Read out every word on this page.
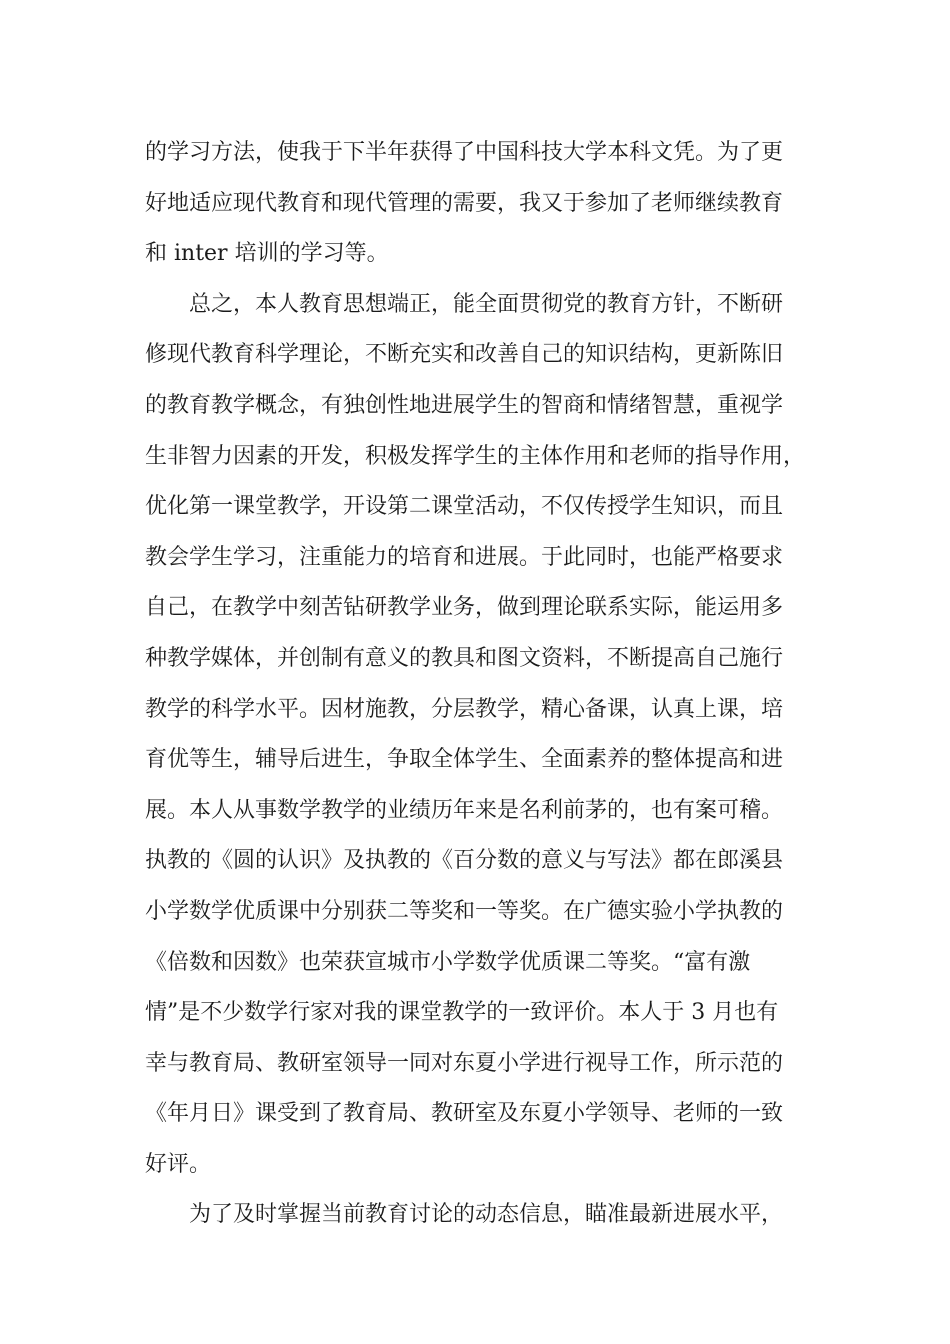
的学习方法，使我于下半年获得了中国科技大学本科文凭。为了更
好地适应现代教育和现代管理的需要，我又于参加了老师继续教育
和 inter 培训的学习等。
总之，本人教育思想端正，能全面贯彻党的教育方针，不断研
修现代教育科学理论，不断充实和改善自己的知识结构，更新陈旧
的教育教学概念，有独创性地进展学生的智商和情绪智慧，重视学
生非智力因素的开发，积极发挥学生的主体作用和老师的指导作用，
优化第一课堂教学，开设第二课堂活动，不仅传授学生知识，而且
教会学生学习，注重能力的培育和进展。于此同时，也能严格要求
自己，在教学中刻苦钻研教学业务，做到理论联系实际，能运用多
种教学媒体，并创制有意义的教具和图文资料，不断提高自己施行
教学的科学水平。因材施教，分层教学，精心备课，认真上课，培
育优等生，辅导后进生，争取全体学生、全面素养的整体提高和进
展。本人从事数学教学的业绩历年来是名利前茅的，也有案可稽。
执教的《圆的认识》及执教的《百分数的意义与写法》都在郎溪县
小学数学优质课中分别获二等奖和一等奖。在广德实验小学执教的
《倍数和因数》也荣获宣城市小学数学优质课二等奖。“富有激
情”是不少数学行家对我的课堂教学的一致评价。本人于 3 月也有
幸与教育局、教研室领导一同对东夏小学进行视导工作，所示范的
《年月日》课受到了教育局、教研室及东夏小学领导、老师的一致
好评。
为了及时掌握当前教育讨论的动态信息，瞄准最新进展水平，
